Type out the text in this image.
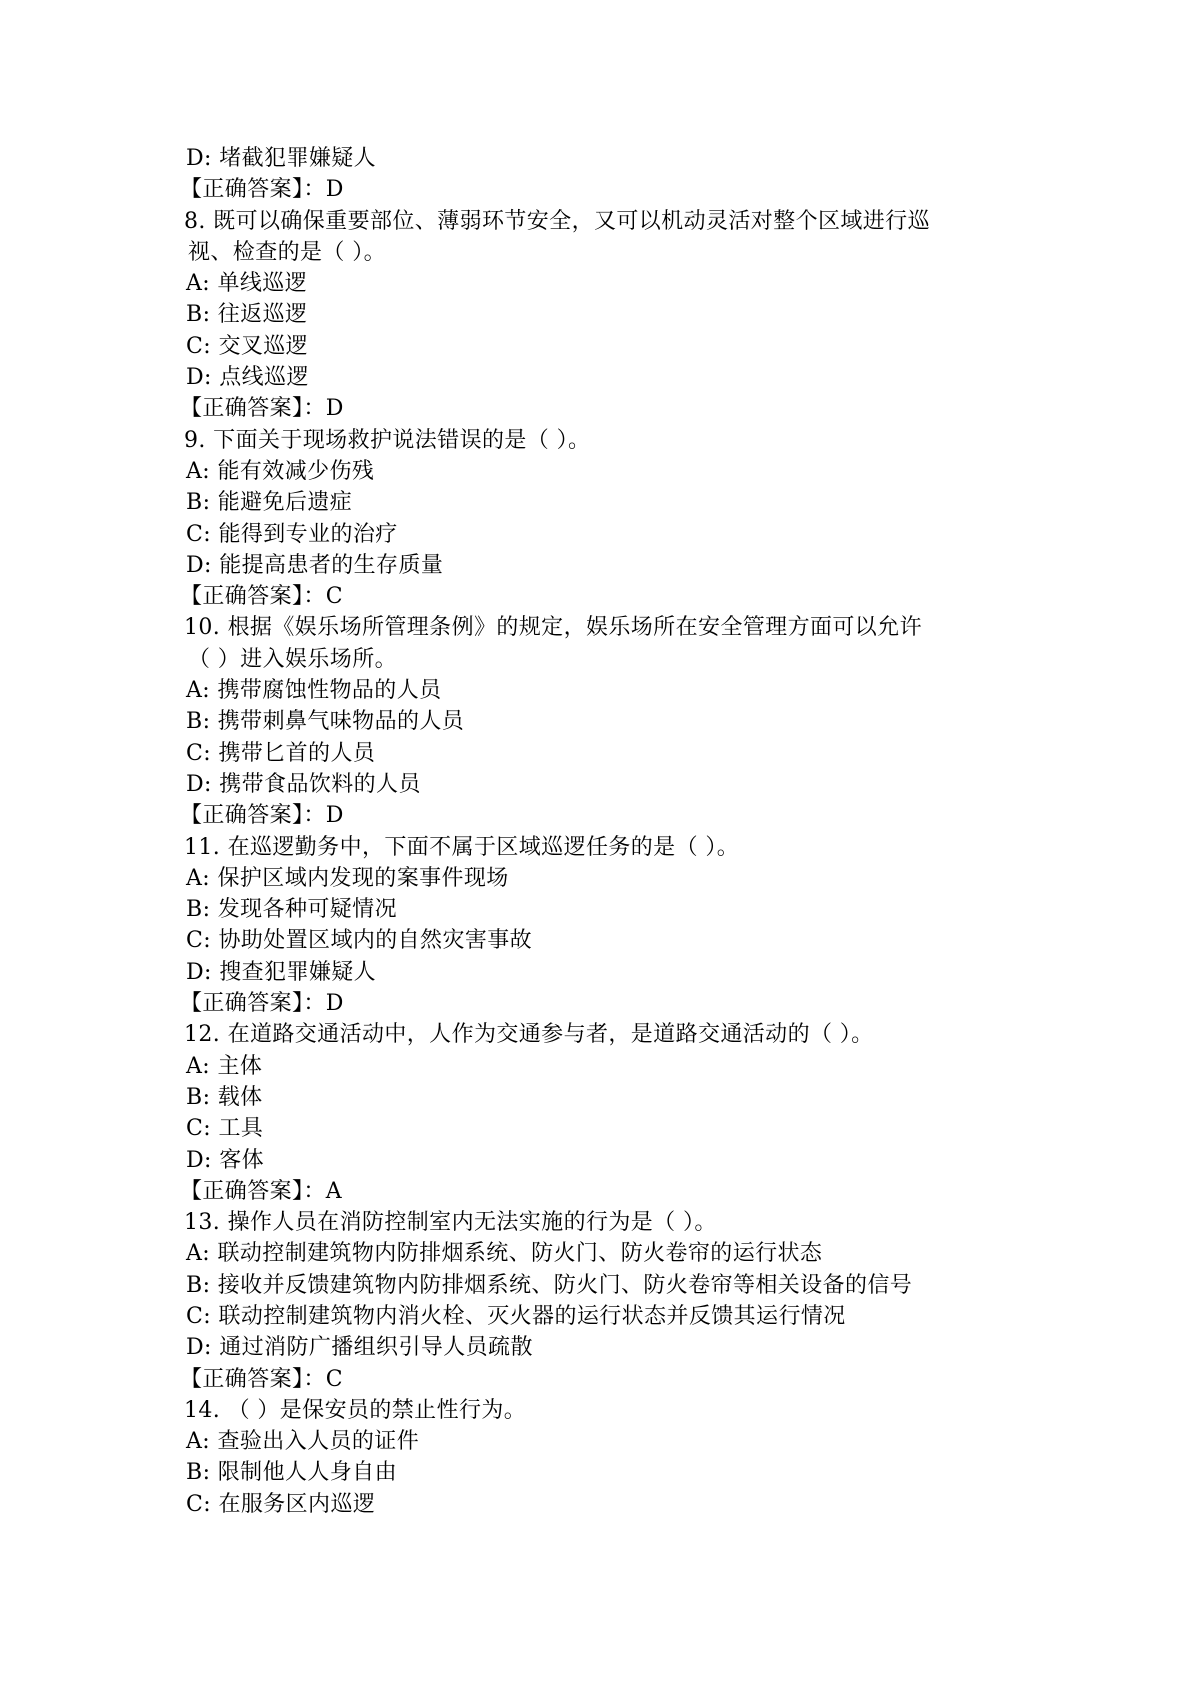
D: 堵截犯罪嫌疑人
【正确答案】：D
8. 既可以确保重要部位、薄弱环节安全，又可以机动灵活对整个区域进行巡
视、检查的是（ ）。
A: 单线巡逻
B: 往返巡逻
C: 交叉巡逻
D: 点线巡逻
【正确答案】：D
9. 下面关于现场救护说法错误的是（ ）。
A: 能有效减少伤残
B: 能避免后遗症
C: 能得到专业的治疗
D: 能提高患者的生存质量
【正确答案】：C
10. 根据《娱乐场所管理条例》的规定，娱乐场所在安全管理方面可以允许
（ ）进入娱乐场所。
A: 携带腐蚀性物品的人员
B: 携带刺鼻气味物品的人员
C: 携带匕首的人员
D: 携带食品饮料的人员
【正确答案】：D
11. 在巡逻勤务中，下面不属于区域巡逻任务的是（ ）。
A: 保护区域内发现的案事件现场
B: 发现各种可疑情况
C: 协助处置区域内的自然灾害事故
D: 搜查犯罪嫌疑人
【正确答案】：D
12. 在道路交通活动中，人作为交通参与者，是道路交通活动的（ ）。
A: 主体
B: 载体
C: 工具
D: 客体
【正确答案】：A
13. 操作人员在消防控制室内无法实施的行为是（ ）。
A: 联动控制建筑物内防排烟系统、防火门、防火卷帘的运行状态
B: 接收并反馈建筑物内防排烟系统、防火门、防火卷帘等相关设备的信号
C: 联动控制建筑物内消火栓、灭火器的运行状态并反馈其运行情况
D: 通过消防广播组织引导人员疏散
【正确答案】：C
14. （ ）是保安员的禁止性行为。
A: 查验出入人员的证件
B: 限制他人人身自由
C: 在服务区内巡逻
